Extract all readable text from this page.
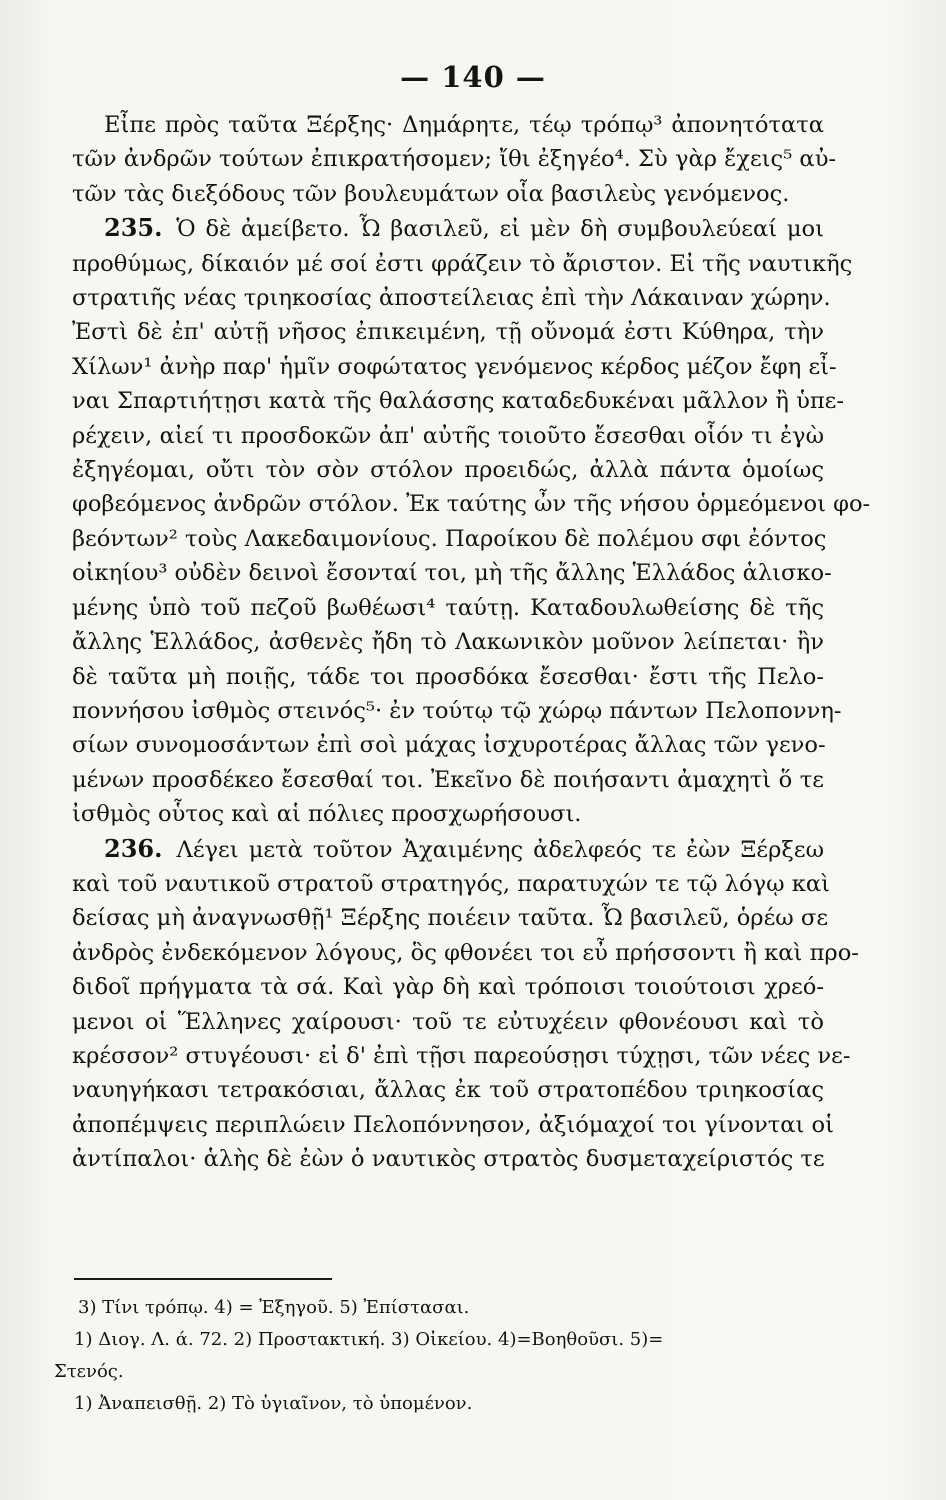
— 140 —
Εἶπε πρὸς ταῦτα Ξέρξης· Δημάρητε, τέῳ τρόπῳ³ ἀπονητότατα
τῶν ἀνδρῶν τούτων ἐπικρατήσομεν; ἴθι ἐξηγέο⁴. Σὺ γὰρ ἔχεις⁵ αὐ-
τῶν τὰς διεξόδους τῶν βουλευμάτων οἷα βασιλεὺς γενόμενος.
235. Ὁ δὲ ἀμείβετο. Ὦ βασιλεῦ, εἰ μὲν δὴ συμβουλεύεαί μοι
προθύμως, δίκαιόν μέ σοί ἐστι φράζειν τὸ ἄριστον. Εἰ τῆς ναυτικῆς
στρατιῆς νέας τριηκοσίας ἀποστείλειας ἐπὶ τὴν Λάκαιναν χώρην.
Ἐστὶ δὲ ἐπ' αὐτῇ νῆσος ἐπικειμένη, τῇ οὔνομά ἐστι Κύθηρα, τὴν
Χίλων¹ ἀνὴρ παρ' ἡμῖν σοφώτατος γενόμενος κέρδος μέζον ἔφη εἶ-
ναι Σπαρτιήτῃσι κατὰ τῆς θαλάσσης καταδεδυκέναι μᾶλλον ἢ ὑπε-
ρέχειν, αἰεί τι προσδοκῶν ἀπ' αὐτῆς τοιοῦτο ἔσεσθαι οἷόν τι ἐγὼ
ἐξηγέομαι, οὔτι τὸν σὸν στόλον προειδώς, ἀλλὰ πάντα ὁμοίως
φοβεόμενος ἀνδρῶν στόλον. Ἐκ ταύτης ὦν τῆς νήσου ὁρμεόμενοι φο-
βεόντων² τοὺς Λακεδαιμονίους. Παροίκου δὲ πολέμου σφι ἐόντος
οἰκηίου³ οὐδὲν δεινοὶ ἔσονταί τοι, μὴ τῆς ἄλλης Ἑλλάδος ἁλισκο-
μένης ὑπὸ τοῦ πεζοῦ βωθέωσι⁴ ταύτῃ. Καταδουλωθείσης δὲ τῆς
ἄλλης Ἑλλάδος, ἀσθενὲς ἤδη τὸ Λακωνικὸν μοῦνον λείπεται· ἢν
δὲ ταῦτα μὴ ποιῇς, τάδε τοι προσδόκα ἔσεσθαι· ἔστι τῆς Πελο-
ποννήσου ἰσθμὸς στεινός⁵· ἐν τούτῳ τῷ χώρῳ πάντων Πελοποννη-
σίων συνομοσάντων ἐπὶ σοὶ μάχας ἰσχυροτέρας ἄλλας τῶν γενο-
μένων προσδέκεο ἔσεσθαί τοι. Ἐκεῖνο δὲ ποιήσαντι ἀμαχητὶ ὅ τε
ἰσθμὸς οὗτος καὶ αἱ πόλιες προσχωρήσουσι.
236. Λέγει μετὰ τοῦτον Ἀχαιμένης ἀδελφεός τε ἐὼν Ξέρξεω
καὶ τοῦ ναυτικοῦ στρατοῦ στρατηγός, παρατυχών τε τῷ λόγῳ καὶ
δείσας μὴ ἀναγνωσθῇ¹ Ξέρξης ποιέειν ταῦτα. Ὦ βασιλεῦ, ὁρέω σε
ἀνδρὸς ἐνδεκόμενον λόγους, ὃς φθονέει τοι εὖ πρήσσοντι ἢ καὶ προ-
διδοῖ πρήγματα τὰ σά. Καὶ γὰρ δὴ καὶ τρόποισι τοιούτοισι χρεό-
μενοι οἱ Ἕλληνες χαίρουσι· τοῦ τε εὐτυχέειν φθονέουσι καὶ τὸ
κρέσσον² στυγέουσι· εἰ δ' ἐπὶ τῇσι παρεούσῃσι τύχῃσι, τῶν νέες νε-
ναυηγήκασι τετρακόσιαι, ἄλλας ἐκ τοῦ στρατοπέδου τριηκοσίας
ἀποπέμψεις περιπλώειν Πελοπόννησον, ἀξιόμαχοί τοι γίνονται οἱ
ἀντίπαλοι· ἁλὴς δὲ ἐὼν ὁ ναυτικὸς στρατὸς δυσμεταχείριστός τε
3) Τίνι τρόπῳ. 4) = Ἐξηγοῦ. 5) Ἐπίστασαι.
1) Διογ. Λ. ά. 72. 2) Προστακτική. 3) Οἰκείου. 4)=Βοηθοῦσι. 5)=
Στενός.
1) Ἀναπεισθῇ. 2) Τὸ ὑγιαῖνον, τὸ ὑπομένον.
